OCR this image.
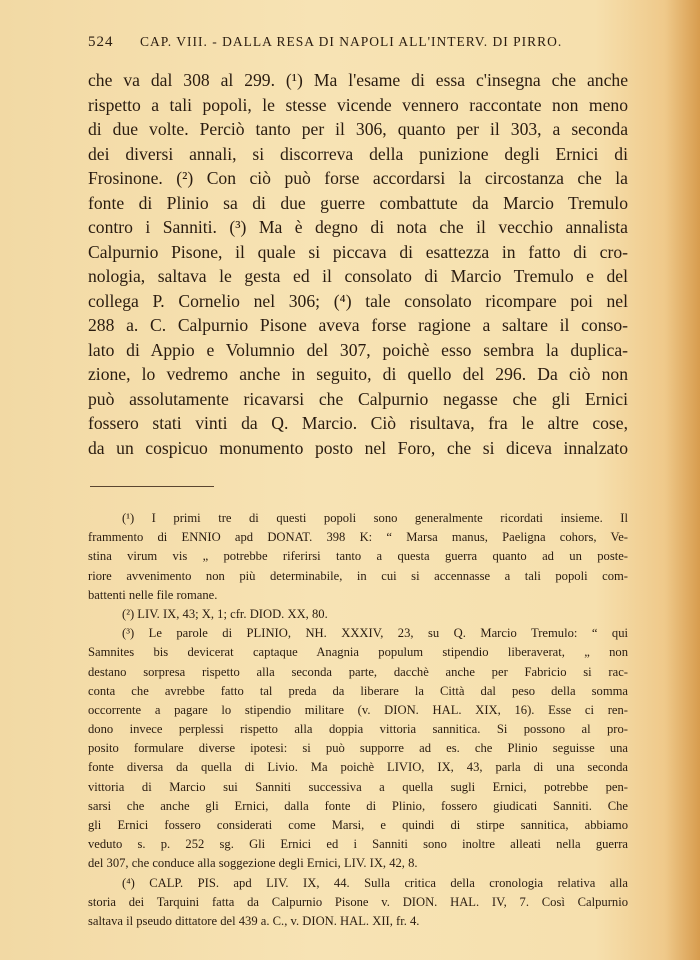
524 CAP. VIII. - DALLA RESA DI NAPOLI ALL'INTERV. DI PIRRO.
che va dal 308 al 299. (¹) Ma l'esame di essa c'insegna che anche
rispetto a tali popoli, le stesse vicende vennero raccontate non meno
di due volte. Perciò tanto per il 306, quanto per il 303, a seconda
dei diversi annali, si discorreva della punizione degli Ernici di
Frosinone. (²) Con ciò può forse accordarsi la circostanza che la
fonte di Plinio sa di due guerre combattute da Marcio Tremulo
contro i Sanniti. (³) Ma è degno di nota che il vecchio annalista
Calpurnio Pisone, il quale si piccava di esattezza in fatto di cro-
nologia, saltava le gesta ed il consolato di Marcio Tremulo e del
collega P. Cornelio nel 306; (⁴) tale consolato ricompare poi nel
288 a. C. Calpurnio Pisone aveva forse ragione a saltare il conso-
lato di Appio e Volumnio del 307, poichè esso sembra la duplica-
zione, lo vedremo anche in seguito, di quello del 296. Da ciò non
può assolutamente ricavarsi che Calpurnio negasse che gli Ernici
fossero stati vinti da Q. Marcio. Ciò risultava, fra le altre cose,
da un cospicuo monumento posto nel Foro, che si diceva innalzato
(¹) I primi tre di questi popoli sono generalmente ricordati insieme. Il
frammento di ENNIO apd DONAT. 398 K: “ Marsa manus, Paeligna cohors, Ve-
stina virum vis „ potrebbe riferirsi tanto a questa guerra quanto ad un poste-
riore avvenimento non più determinabile, in cui si accennasse a tali popoli com-
battenti nelle file romane.
(²) LIV. IX, 43; X, 1; cfr. DIOD. XX, 80.
(³) Le parole di PLINIO, NH. XXXIV, 23, su Q. Marcio Tremulo: “ qui
Samnites bis devicerat captaque Anagnia populum stipendio liberaverat, „ non
destano sorpresa rispetto alla seconda parte, dacchè anche per Fabricio si rac-
conta che avrebbe fatto tal preda da liberare la Città dal peso della somma
occorrente a pagare lo stipendio militare (v. DION. HAL. XIX, 16). Esse ci ren-
dono invece perplessi rispetto alla doppia vittoria sannitica. Si possono al pro-
posito formulare diverse ipotesi: si può supporre ad es. che Plinio seguisse una
fonte diversa da quella di Livio. Ma poichè LIVIO, IX, 43, parla di una seconda
vittoria di Marcio sui Sanniti successiva a quella sugli Ernici, potrebbe pen-
sarsi che anche gli Ernici, dalla fonte di Plinio, fossero giudicati Sanniti. Che
gli Ernici fossero considerati come Marsi, e quindi di stirpe sannitica, abbiamo
veduto s. p. 252 sg. Gli Ernici ed i Sanniti sono inoltre alleati nella guerra
del 307, che conduce alla soggezione degli Ernici, LIV. IX, 42, 8.
(⁴) CALP. PIS. apd LIV. IX, 44. Sulla critica della cronologia relativa alla
storia dei Tarquini fatta da Calpurnio Pisone v. DION. HAL. IV, 7. Così Calpurnio
saltava il pseudo dittatore del 439 a. C., v. DION. HAL. XII, fr. 4.
